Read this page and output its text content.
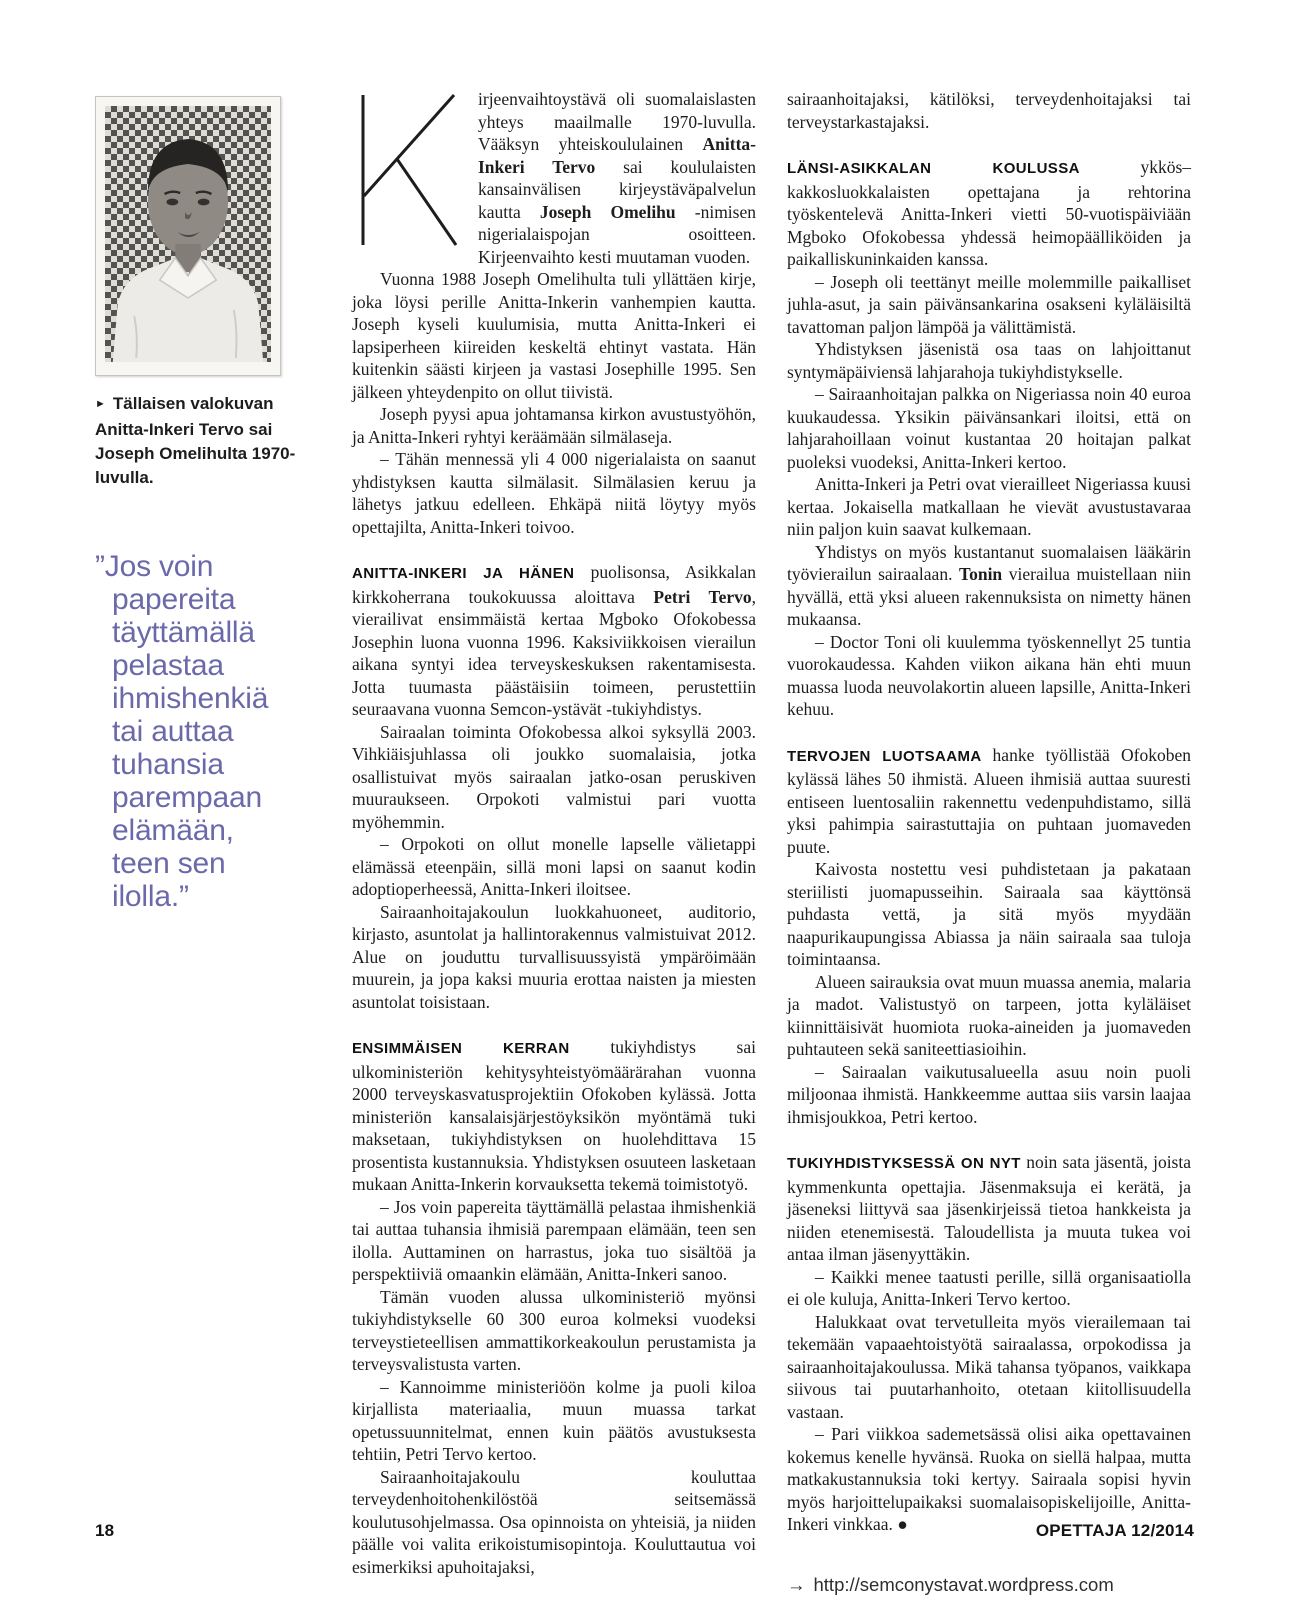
► Tällaisen valokuvan Anitta-Inkeri Tervo sai Joseph Omelihulta 1970-luvulla.
”Jos voin
papereita
täyttämällä
pelastaa
ihmishenkiä
tai auttaa
tuhansia
parempaan
elämään,
teen sen
ilolla.”

irjeenvaihtoystävä oli suomalaislasten yhteys maailmalle 1970-luvulla. Vääksyn yhteiskoululainen Anitta-Inkeri Tervo sai koululaisten kansainvälisen kirjeystäväpalvelun kautta Joseph Omelihu -nimisen nigerialaispojan osoitteen. Kirjeenvaihto kesti muutaman vuoden.

Vuonna 1988 Joseph Omelihulta tuli yllättäen kirje, joka löysi perille Anitta-Inkerin vanhempien kautta. Joseph kyseli kuulumisia, mutta Anitta-Inkeri ei lapsiperheen kiireiden keskeltä ehtinyt vastata. Hän kuitenkin säästi kirjeen ja vastasi Josephille 1995. Sen jälkeen yhteydenpito on ollut tiivistä.

Joseph pyysi apua johtamansa kirkon avustustyöhön, ja Anitta-Inkeri ryhtyi keräämään silmälaseja.

– Tähän mennessä yli 4 000 nigerialaista on saanut yhdistyksen kautta silmälasit. Silmälasien keruu ja lähetys jatkuu edelleen. Ehkäpä niitä löytyy myös opettajilta, Anitta-Inkeri toivoo.

ANITTA-INKERI JA HÄNEN puolisonsa, Asikkalan kirkkoherrana toukokuussa aloittava Petri Tervo, vierailivat ensimmäistä kertaa Mgboko Ofokobessa Josephin luona vuonna 1996. Kaksiviikkoisen vierailun aikana syntyi idea terveyskeskuksen rakentamisesta. Jotta tuumasta päästäisiin toimeen, perustettiin seuraavana vuonna Semcon-ystävät -tukiyhdistys.

Sairaalan toiminta Ofokobessa alkoi syksyllä 2003. Vihkiäisjuhlassa oli joukko suomalaisia, jotka osallistuivat myös sairaalan jatko-osan peruskiven muuraukseen. Orpokoti valmistui pari vuotta myöhemmin.

– Orpokoti on ollut monelle lapselle välietappi elämässä eteenpäin, sillä moni lapsi on saanut kodin adoptioperheessä, Anitta-Inkeri iloitsee.

Sairaanhoitajakoulun luokkahuoneet, auditorio, kirjasto, asuntolat ja hallintorakennus valmistuivat 2012. Alue on jouduttu turvallisuussyistä ympäröimään muurein, ja jopa kaksi muuria erottaa naisten ja miesten asuntolat toisistaan.

ENSIMMÄISEN KERRAN tukiyhdistys sai ulkoministeriön kehitysyhteistyömäärärahan vuonna 2000 terveyskasvatusprojektiin Ofokoben kylässä. Jotta ministeriön kansalaisjärjestöyksikön myöntämä tuki maksetaan, tukiyhdistyksen on huolehdittava 15 prosentista kustannuksia. Yhdistyksen osuuteen lasketaan mukaan Anitta-Inkerin korvauksetta tekemä toimistotyö.

– Jos voin papereita täyttämällä pelastaa ihmishenkiä tai auttaa tuhansia ihmisiä parempaan elämään, teen sen ilolla. Auttaminen on harrastus, joka tuo sisältöä ja perspektiiviä omaankin elämään, Anitta-Inkeri sanoo.

Tämän vuoden alussa ulkoministeriö myönsi tukiyhdistykselle 60 300 euroa kolmeksi vuodeksi terveystieteellisen ammattikorkeakoulun perustamista ja terveysvalistusta varten.

– Kannoimme ministeriöön kolme ja puoli kiloa kirjallista materiaalia, muun muassa tarkat opetussuunnitelmat, ennen kuin päätös avustuksesta tehtiin, Petri Tervo kertoo.

Sairaanhoitajakoulu kouluttaa terveydenhoitohenkilöstöä seitsemässä koulutusohjelmassa. Osa opinnoista on yhteisiä, ja niiden päälle voi valita erikoistumisopintoja. Kouluttautua voi esimerkiksi apuhoitajaksi,

sairaanhoitajaksi, kätilöksi, terveydenhoitajaksi tai terveystarkastajaksi.

LÄNSI-ASIKKALAN KOULUSSA ykkös–kakkosluokkalaisten opettajana ja rehtorina työskentelevä Anitta-Inkeri vietti 50-vuotispäiviään Mgboko Ofokobessa yhdessä heimopäälliköiden ja paikalliskuninkaiden kanssa.

– Joseph oli teettänyt meille molemmille paikalliset juhla-asut, ja sain päivänsankarina osakseni kyläläisiltä tavattoman paljon lämpöä ja välittämistä.

Yhdistyksen jäsenistä osa taas on lahjoittanut syntymäpäiviensä lahjarahoja tukiyhdistykselle.

– Sairaanhoitajan palkka on Nigeriassa noin 40 euroa kuukaudessa. Yksikin päivänsankari iloitsi, että on lahjarahoillaan voinut kustantaa 20 hoitajan palkat puoleksi vuodeksi, Anitta-Inkeri kertoo.

Anitta-Inkeri ja Petri ovat vierailleet Nigeriassa kuusi kertaa. Jokaisella matkallaan he vievät avustustavaraa niin paljon kuin saavat kulkemaan.

Yhdistys on myös kustantanut suomalaisen lääkärin työvierailun sairaalaan. Tonin vierailua muistellaan niin hyvällä, että yksi alueen rakennuksista on nimetty hänen mukaansa.

– Doctor Toni oli kuulemma työskennellyt 25 tuntia vuorokaudessa. Kahden viikon aikana hän ehti muun muassa luoda neuvolakortin alueen lapsille, Anitta-Inkeri kehuu.

TERVOJEN LUOTSAAMA hanke työllistää Ofokoben kylässä lähes 50 ihmistä. Alueen ihmisiä auttaa suuresti entiseen luentosaliin rakennettu vedenpuhdistamo, sillä yksi pahimpia sairastuttajia on puhtaan juomaveden puute.

Kaivosta nostettu vesi puhdistetaan ja pakataan steriilisti juomapusseihin. Sairaala saa käyttönsä puhdasta vettä, ja sitä myös myydään naapurikaupungissa Abiassa ja näin sairaala saa tuloja toimintaansa.

Alueen sairauksia ovat muun muassa anemia, malaria ja madot. Valistustyö on tarpeen, jotta kyläläiset kiinnittäisivät huomiota ruoka-aineiden ja juomaveden puhtauteen sekä saniteettiasioihin.

– Sairaalan vaikutusalueella asuu noin puoli miljoonaa ihmistä. Hankkeemme auttaa siis varsin laajaa ihmisjoukkoa, Petri kertoo.

TUKIYHDISTYKSESSÄ ON NYT noin sata jäsentä, joista kymmenkunta opettajia. Jäsenmaksuja ei kerätä, ja jäseneksi liittyvä saa jäsenkirjeissä tietoa hankkeista ja niiden etenemisestä. Taloudellista ja muuta tukea voi antaa ilman jäsenyyttäkin.

– Kaikki menee taatusti perille, sillä organisaatiolla ei ole kuluja, Anitta-Inkeri Tervo kertoo.

Halukkaat ovat tervetulleita myös vierailemaan tai tekemään vapaaehtoistyötä sairaalassa, orpokodissa ja sairaanhoitajakoulussa. Mikä tahansa työpanos, vaikkapa siivous tai puutarhanhoito, otetaan kiitollisuudella vastaan.

– Pari viikkoa sademetsässä olisi aika opettavainen kokemus kenelle hyvänsä. Ruoka on siellä halpaa, mutta matkakustannuksia toki kertyy. Sairaala sopisi hyvin myös harjoittelupaikaksi suomalaisopiskelijoille, Anitta-Inkeri vinkkaa. ●

→ http://semconystavat.wordpress.com
18	OPETTAJA 12/2014
